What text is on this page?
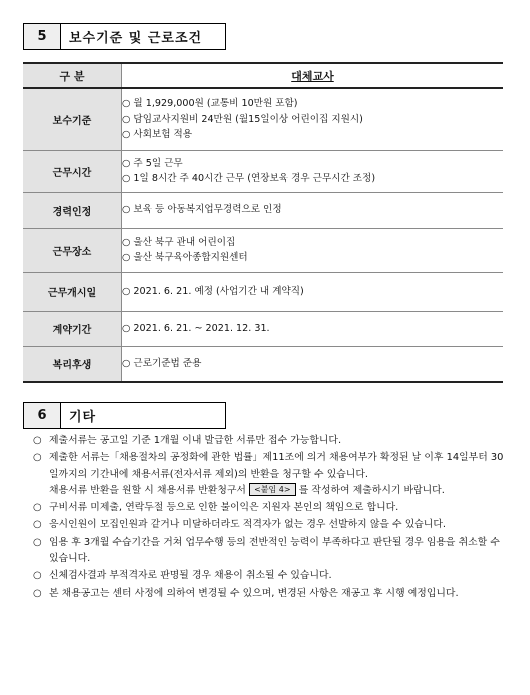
5	보수기준 및 근로조건
구 분	대체교사
보수기준	○ 월 1,929,000원 (교통비 10만원 포함)
○ 담임교사지원비 24만원 (월15일이상 어린이집 지원시)
○ 사회보험 적용

근무시간	○ 주 5일 근무
○ 1일 8시간 주 40시간 근무 (연장보육 경우 근무시간 조정)

경력인정	○ 보육 등 아동복지업무경력으로 인정

근무장소	○ 울산 북구 관내 어린이집
○ 울산 북구육아종합지원센터

근무개시일	○ 2021. 6. 21. 예정 (사업기간 내 계약직)

계약기간	○ 2021. 6. 21. ~ 2021. 12. 31.

복리후생	○ 근로기준법 준용
6	기타
○ 제출서류는 공고일 기준 1개월 이내 발급한 서류만 접수 가능합니다.
○ 제출한 서류는「채용절차의 공정화에 관한 법률」제11조에 의거 채용여부가 확정된 날 이후 14일부터 30일까지의 기간내에 채용서류(전자서류 제외)의 반환을 청구할 수 있습니다.
채용서류 반환을 원할 시 채용서류 반환청구서 <붙임 4> 를 작성하여 제출하시기 바랍니다.
○ 구비서류 미제출, 연락두절 등으로 인한 불이익은 지원자 본인의 책임으로 합니다.
○ 응시인원이 모집인원과 같거나 미달하더라도 적격자가 없는 경우 선발하지 않을 수 있습니다.
○ 임용 후 3개월 수습기간을 거쳐 업무수행 등의 전반적인 능력이 부족하다고 판단될 경우 임용을 취소할 수 있습니다.
○ 신체검사결과 부적격자로 판명될 경우 채용이 취소될 수 있습니다.
○ 본 채용공고는 센터 사정에 의하여 변경될 수 있으며, 변경된 사항은 재공고 후 시행 예정입니다.
